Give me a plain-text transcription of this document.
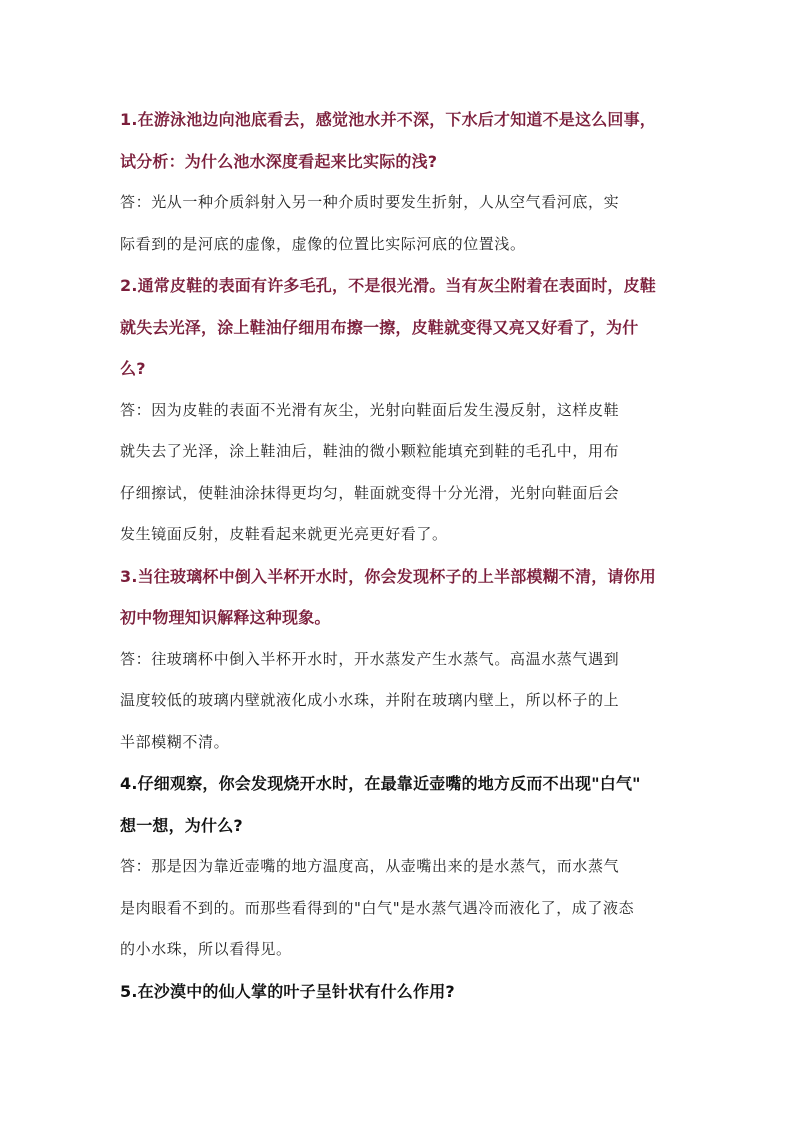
1.在游泳池边向池底看去，感觉池水并不深，下水后才知道不是这么回事，
试分析：为什么池水深度看起来比实际的浅?

答：光从一种介质斜射入另一种介质时要发生折射，人从空气看河底，实
际看到的是河底的虚像，虚像的位置比实际河底的位置浅。

2.通常皮鞋的表面有许多毛孔，不是很光滑。当有灰尘附着在表面时，皮鞋
就失去光泽，涂上鞋油仔细用布擦一擦，皮鞋就变得又亮又好看了，为什
么?

答：因为皮鞋的表面不光滑有灰尘，光射向鞋面后发生漫反射，这样皮鞋
就失去了光泽，涂上鞋油后，鞋油的微小颗粒能填充到鞋的毛孔中，用布
仔细擦试，使鞋油涂抹得更均匀，鞋面就变得十分光滑，光射向鞋面后会
发生镜面反射，皮鞋看起来就更光亮更好看了。

3.当往玻璃杯中倒入半杯开水时，你会发现杯子的上半部模糊不清，请你用
初中物理知识解释这种现象。

答：往玻璃杯中倒入半杯开水时，开水蒸发产生水蒸气。高温水蒸气遇到
温度较低的玻璃内壁就液化成小水珠，并附在玻璃内壁上，所以杯子的上
半部模糊不清。

4.仔细观察，你会发现烧开水时，在最靠近壶嘴的地方反而不出现"白气"
想一想，为什么?

答：那是因为靠近壶嘴的地方温度高，从壶嘴出来的是水蒸气，而水蒸气
是肉眼看不到的。而那些看得到的"白气"是水蒸气遇冷而液化了，成了液态
的小水珠，所以看得见。

5.在沙漠中的仙人掌的叶子呈针状有什么作用?
